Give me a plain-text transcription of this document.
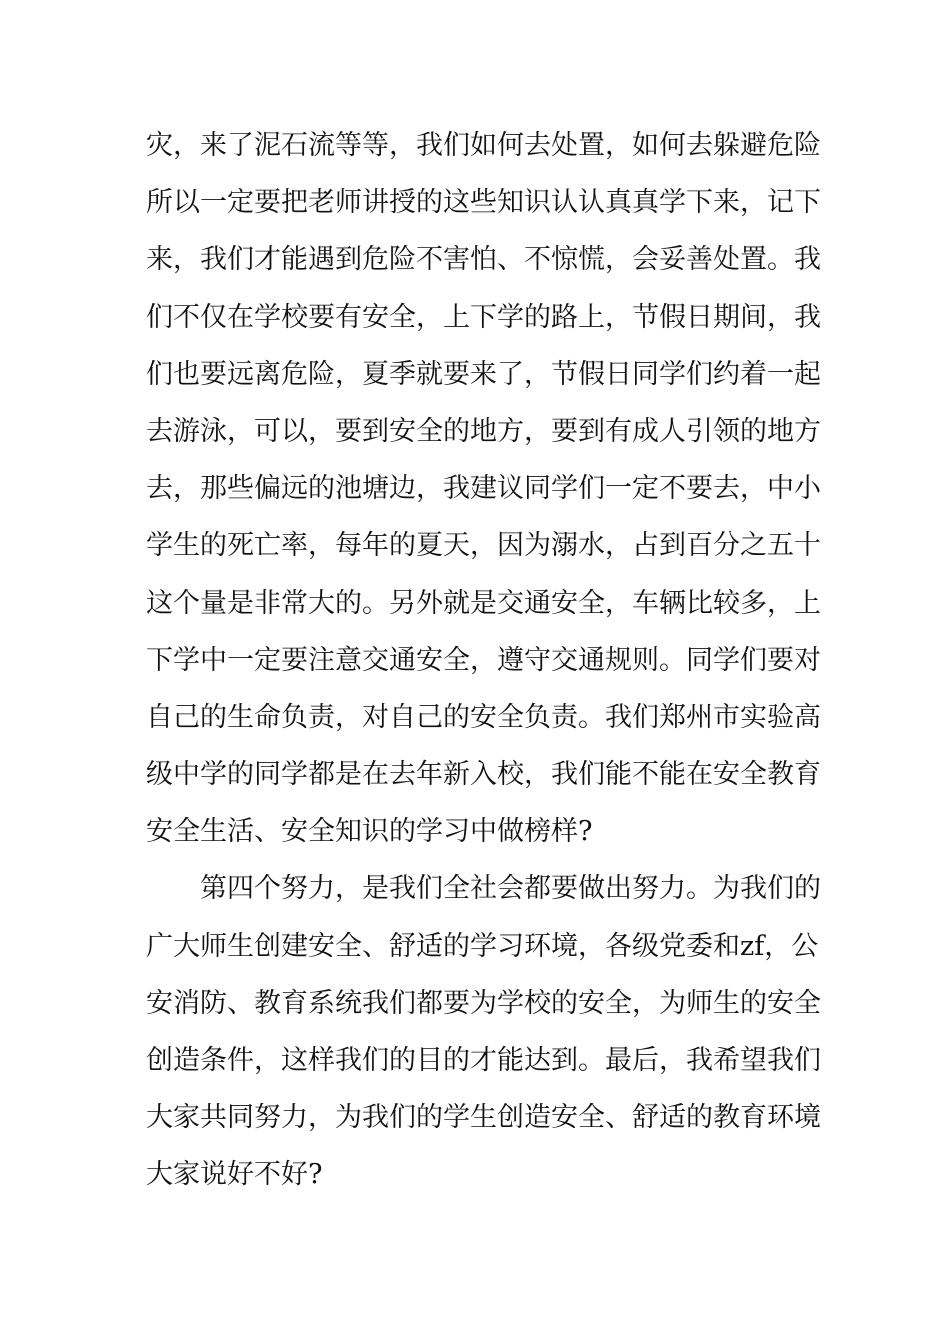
灾，来了泥石流等等，我们如何去处置，如何去躲避危险
所以一定要把老师讲授的这些知识认认真真学下来，记下
来，我们才能遇到危险不害怕、不惊慌，会妥善处置。我
们不仅在学校要有安全，上下学的路上，节假日期间，我
们也要远离危险，夏季就要来了，节假日同学们约着一起
去游泳，可以，要到安全的地方，要到有成人引领的地方
去，那些偏远的池塘边，我建议同学们一定不要去，中小
学生的死亡率，每年的夏天，因为溺水，占到百分之五十
这个量是非常大的。另外就是交通安全，车辆比较多，上
下学中一定要注意交通安全，遵守交通规则。同学们要对
自己的生命负责，对自己的安全负责。我们郑州市实验高
级中学的同学都是在去年新入校，我们能不能在安全教育
安全生活、安全知识的学习中做榜样?
第四个努力，是我们全社会都要做出努力。为我们的
广大师生创建安全、舒适的学习环境，各级党委和zf，公
安消防、教育系统我们都要为学校的安全，为师生的安全
创造条件，这样我们的目的才能达到。最后，我希望我们
大家共同努力，为我们的学生创造安全、舒适的教育环境
大家说好不好?
